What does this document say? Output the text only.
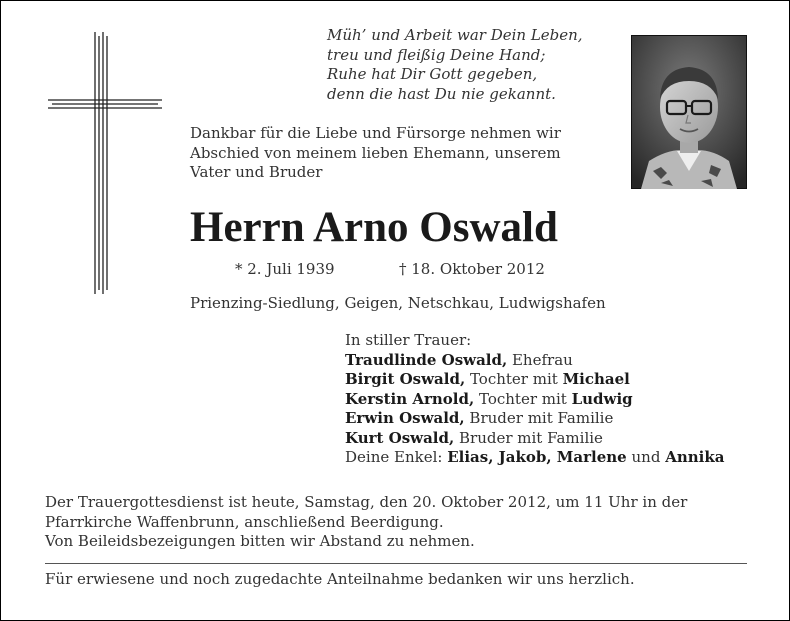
Müh’ und Arbeit war Dein Leben,
treu und fleißig Deine Hand;
Ruhe hat Dir Gott gegeben,
denn die hast Du nie gekannt.
Dankbar für die Liebe und Fürsorge nehmen wir
Abschied von meinem lieben Ehemann, unserem
Vater und Bruder
Herrn Arno Oswald
* 2. Juli 1939	† 18. Oktober 2012
Prienzing-Siedlung, Geigen, Netschkau, Ludwigshafen
In stiller Trauer:
Traudlinde Oswald, Ehefrau
Birgit Oswald, Tochter mit Michael
Kerstin Arnold, Tochter mit Ludwig
Erwin Oswald, Bruder mit Familie
Kurt Oswald, Bruder mit Familie
Deine Enkel: Elias, Jakob, Marlene und Annika
Der Trauergottesdienst ist heute, Samstag, den 20. Oktober 2012, um 11 Uhr in der
Pfarrkirche Waffenbrunn, anschließend Beerdigung.
Von Beileidsbezeigungen bitten wir Abstand zu nehmen.
Für erwiesene und noch zugedachte Anteilnahme bedanken wir uns herzlich.
